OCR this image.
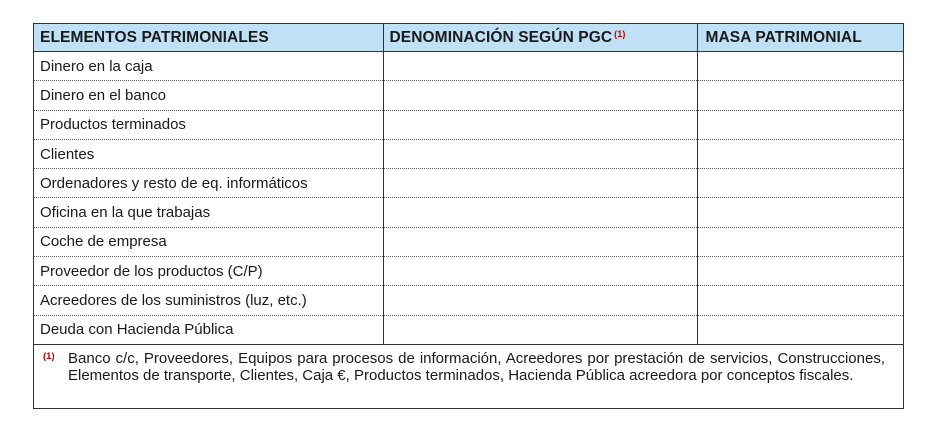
ELEMENTOS PATRIMONIALES	DENOMINACIÓN SEGÚN PGC $^{(1)}$	MASA PATRIMONIAL
Dinero en la caja		
Dinero en el banco		
Productos terminados		
Clientes		
Ordenadores y resto de eq. informáticos		
Oficina en la que trabajas		
Coche de empresa		
Proveedor de los productos (C/P)		
Acreedores de los suministros (luz, etc.)		
Deuda con Hacienda Pública		
(1) Banco c/c, Proveedores, Equipos para procesos de información, Acreedores por prestación de servicios, Construcciones, Elementos de transporte, Clientes, Caja €, Productos terminados, Hacienda Pública acreedora por conceptos fiscales.
